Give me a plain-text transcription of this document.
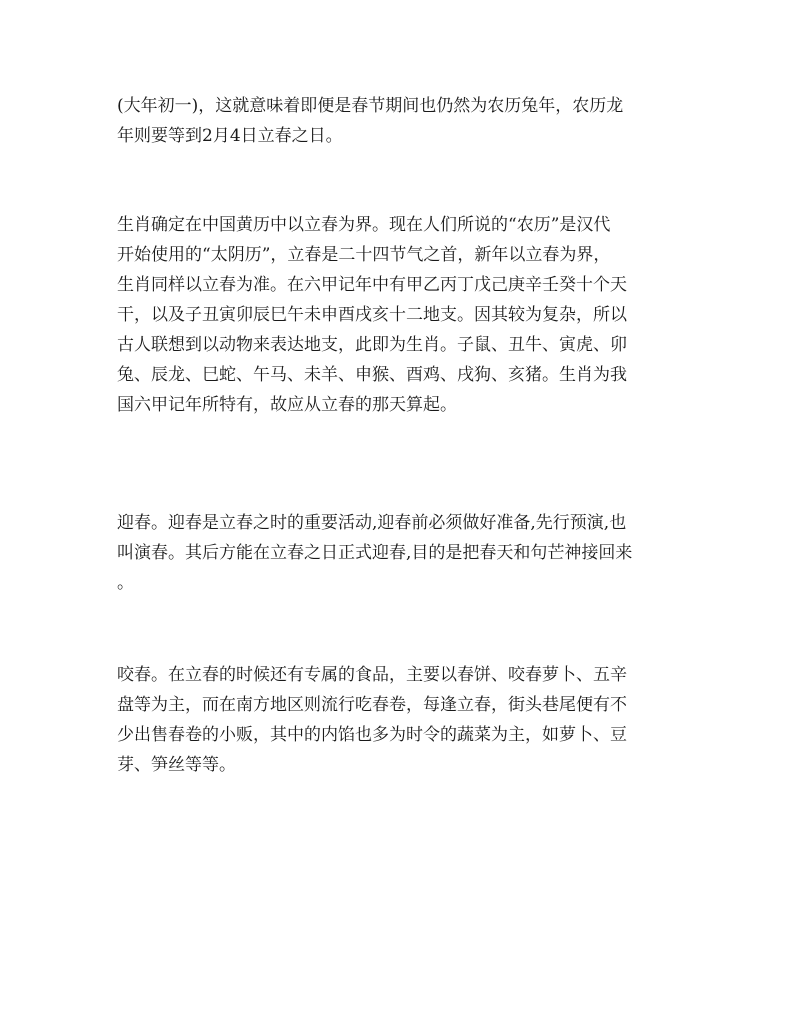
(大年初一)，这就意味着即便是春节期间也仍然为农历兔年，农历龙
年则要等到2月4日立春之日。

生肖确定在中国黄历中以立春为界。现在人们所说的“农历”是汉代
开始使用的“太阴历”，立春是二十四节气之首，新年以立春为界，
生肖同样以立春为准。在六甲记年中有甲乙丙丁戊己庚辛壬癸十个天
干，以及子丑寅卯辰巳午未申酉戌亥十二地支。因其较为复杂，所以
古人联想到以动物来表达地支，此即为生肖。子鼠、丑牛、寅虎、卯
兔、辰龙、巳蛇、午马、未羊、申猴、酉鸡、戌狗、亥猪。生肖为我
国六甲记年所特有，故应从立春的那天算起。

迎春。迎春是立春之时的重要活动,迎春前必须做好准备,先行预演,也
叫演春。其后方能在立春之日正式迎春,目的是把春天和句芒神接回来
。

咬春。在立春的时候还有专属的食品，主要以春饼、咬春萝卜、五辛
盘等为主，而在南方地区则流行吃春卷，每逢立春，街头巷尾便有不
少出售春卷的小贩，其中的内馅也多为时令的蔬菜为主，如萝卜、豆
芽、笋丝等等。
